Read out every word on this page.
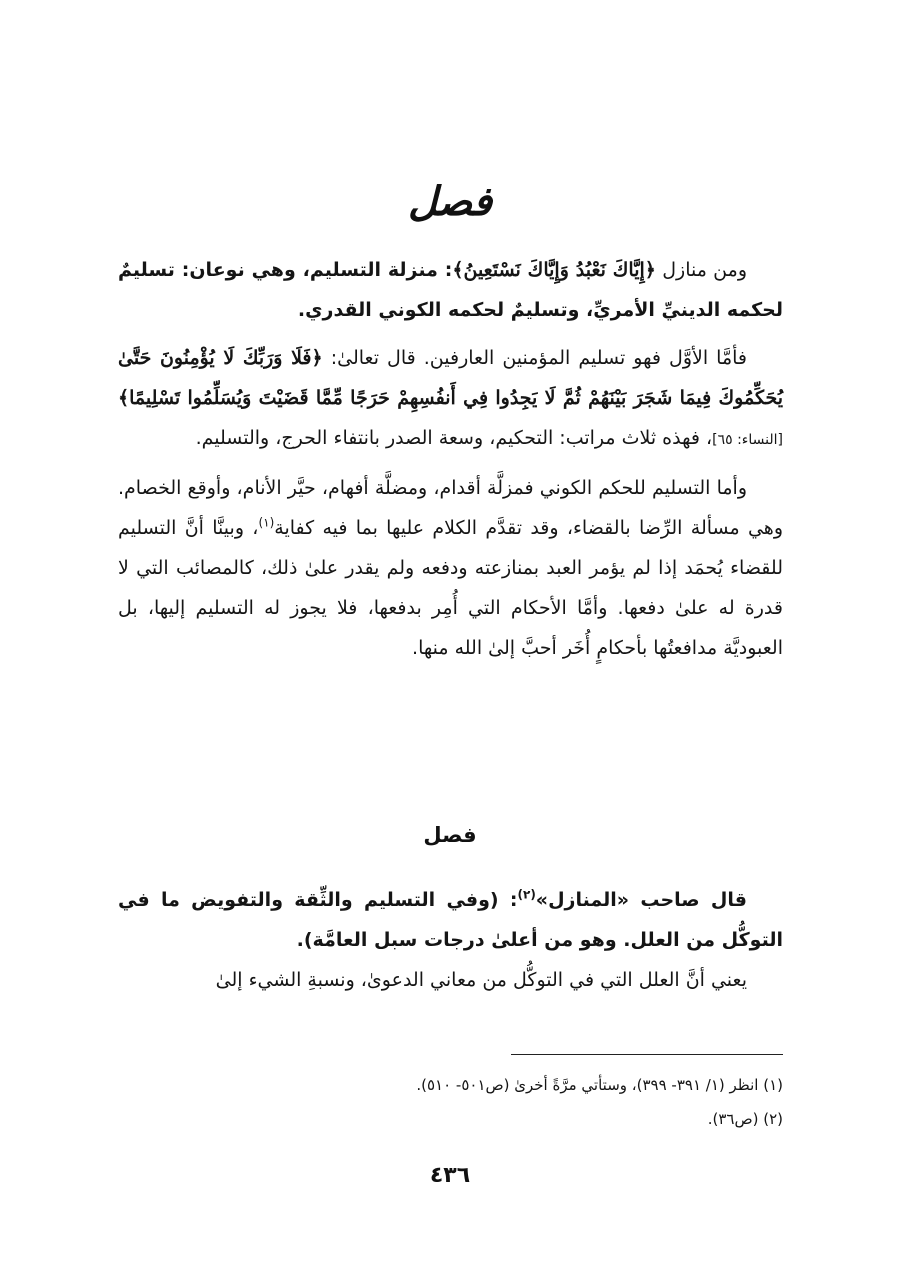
فصل

ومن منازل ﴿إِيَّاكَ نَعْبُدُ وَإِيَّاكَ نَسْتَعِينُ﴾: منزلة التسليم، وهي نوعان: تسليمٌ لحكمه الدينيِّ الأمريِّ، وتسليمٌ لحكمه الكوني القدري.

فأمَّا الأوَّل فهو تسليم المؤمنين العارفين. قال تعالىٰ: ﴿فَلَا وَرَبِّكَ لَا يُؤْمِنُونَ حَتَّىٰ يُحَكِّمُوكَ فِيمَا شَجَرَ بَيْنَهُمْ ثُمَّ لَا يَجِدُوا فِي أَنفُسِهِمْ حَرَجًا مِّمَّا قَضَيْتَ وَيُسَلِّمُوا تَسْلِيمًا﴾ [النساء: ٦٥]، فهذه ثلاث مراتب: التحكيم، وسعة الصدر بانتفاء الحرج، والتسليم.

وأما التسليم للحكم الكوني فمزلَّة أقدام، ومضلَّة أفهام، حيَّر الأنام، وأوقع الخصام. وهي مسألة الرِّضا بالقضاء، وقد تقدَّم الكلام عليها بما فيه كفاية$^{(١)}$، وبينَّا أنَّ التسليم للقضاء يُحمَد إذا لم يؤمر العبد بمنازعته ودفعه ولم يقدر علىٰ ذلك، كالمصائب التي لا قدرة له علىٰ دفعها. وأمَّا الأحكام التي أُمِر بدفعها، فلا يجوز له التسليم إليها، بل العبوديَّة مدافعتُها بأحكامٍ أُخَر أحبَّ إلىٰ الله منها.

فصل

قال صاحب «المنازل»$^{(٢)}$: (وفي التسليم والثِّقة والتفويض ما في التوكُّل من العلل. وهو من أعلىٰ درجات سبل العامَّة).

يعني أنَّ العلل التي في التوكُّل من معاني الدعوىٰ، ونسبةِ الشيء إلىٰ

(١) انظر (١/ ٣٩١- ٣٩٩)، وستأتي مرَّةً أخرىٰ (ص٥٠١- ٥١٠).

(٢) (ص٣٦).

٤٣٦
